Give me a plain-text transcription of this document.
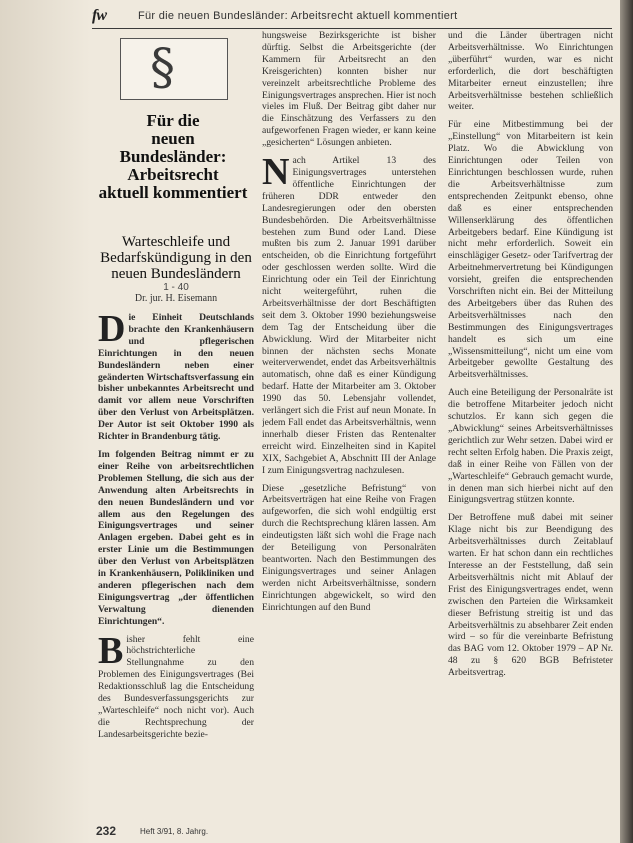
fw	Für die neuen Bundesländer: Arbeitsrecht aktuell kommentiert
§
Für die
neuen Bundesländer:
Arbeitsrecht
aktuell kommentiert
Warteschleife und
Bedarfskündigung in den
neuen Bundesländern
1 - 40
Dr. jur. H. Eisemann

Die Einheit Deutschlands brachte den Krankenhäusern und pflegerischen Einrichtungen in den neuen Bundesländern neben einer geänderten Wirtschaftsverfassung ein bisher unbekanntes Arbeitsrecht und damit vor allem neue Vorschriften über den Verlust von Arbeitsplätzen. Der Autor ist seit Oktober 1990 als Richter in Brandenburg tätig.

Im folgenden Beitrag nimmt er zu einer Reihe von arbeitsrechtlichen Problemen Stellung, die sich aus der Anwendung alten Arbeitsrechts in den neuen Bundesländern und vor allem aus den Regelungen des Einigungsvertrages und seiner Anlagen ergeben. Dabei geht es in erster Linie um die Bestimmungen über den Verlust von Arbeitsplätzen in Krankenhäusern, Polikliniken und anderen pflegerischen nach dem Einigungsvertrag „der öffentlichen Verwaltung dienenden Einrichtungen“.

Bisher fehlt eine höchstrichterliche Stellungnahme zu den Problemen des Einigungsvertrages (Bei Redaktionsschluß lag die Entscheidung des Bundesverfassungsgerichts zur „Warteschleife“ noch nicht vor). Auch die Rechtsprechung der Landesarbeitsgerichte bezie-

hungsweise Bezirksgerichte ist bisher dürftig. Selbst die Arbeitsgerichte (der Kammern für Arbeitsrecht an den Kreisgerichten) konnten bisher nur vereinzelt arbeitsrechtliche Probleme des Einigungsvertrages ansprechen. Hier ist noch vieles im Fluß. Der Beitrag gibt daher nur die Einschätzung des Verfassers zu den aufgeworfenen Fragen wieder, er kann keine „gesicherten“ Lösungen anbieten.

Nach Artikel 13 des Einigungsvertrages unterstehen öffentliche Einrichtungen der früheren DDR entweder den Landesregierungen oder den obersten Bundesbehörden. Die Arbeitsverhältnisse bestehen zum Bund oder Land. Diese mußten bis zum 2. Januar 1991 darüber entscheiden, ob die Einrichtung fortgeführt oder geschlossen werden sollte. Wird die Einrichtung oder ein Teil der Einrichtung nicht weitergeführt, ruhen die Arbeitsverhältnisse der dort Beschäftigten seit dem 3. Oktober 1990 beziehungsweise dem Tag der Entscheidung über die Abwicklung. Wird der Mitarbeiter nicht binnen der nächsten sechs Monate weiterverwendet, endet das Arbeitsverhältnis automatisch, ohne daß es einer Kündigung bedarf. Hatte der Mitarbeiter am 3. Oktober 1990 das 50. Lebensjahr vollendet, verlängert sich die Frist auf neun Monate. In jedem Fall endet das Arbeitsverhältnis, wenn innerhalb dieser Fristen das Rentenalter erreicht wird. Einzelheiten sind in Kapitel XIX, Sachgebiet A, Abschnitt III der Anlage I zum Einigungsvertrag nachzulesen.

Diese „gesetzliche Befristung“ von Arbeitsverträgen hat eine Reihe von Fragen aufgeworfen, die sich wohl endgültig erst durch die Rechtsprechung klären lassen. Am eindeutigsten läßt sich wohl die Frage nach der Beteiligung von Personalräten beantworten. Nach den Bestimmungen des Einigungsvertrages und seiner Anlagen werden nicht Arbeitsverhältnisse, sondern Einrichtungen abgewickelt, so wird den Einrichtungen auf den Bund

und die Länder übertragen nicht Arbeitsverhältnisse. Wo Einrichtungen „überführt“ wurden, war es nicht erforderlich, die dort beschäftigten Mitarbeiter erneut einzustellen; ihre Arbeitsverhältnisse bestehen schließlich weiter.

Für eine Mitbestimmung bei der „Einstellung“ von Mitarbeitern ist kein Platz. Wo die Abwicklung von Einrichtungen oder Teilen von Einrichtungen beschlossen wurde, ruhen die Arbeitsverhältnisse zum entsprechenden Zeitpunkt ebenso, ohne daß es einer entsprechenden Willenserklärung des öffentlichen Arbeitgebers bedarf. Eine Kündigung ist nicht mehr erforderlich. Soweit ein einschlägiger Gesetz- oder Tarifvertrag der Arbeitnehmervertretung bei Kündigungen vorsieht, greifen die entsprechenden Vorschriften nicht ein. Bei der Mitteilung des Arbeitgebers über das Ruhen des Arbeitsverhältnisses nach den Bestimmungen des Einigungsvertrages handelt es sich um eine „Wissensmitteilung“, nicht um eine vom Arbeitgeber gewollte Gestaltung des Arbeitsverhältnisses.

Auch eine Beteiligung der Personalräte ist die betroffene Mitarbeiter jedoch nicht schutzlos. Er kann sich gegen die „Abwicklung“ seines Arbeitsverhältnisses gerichtlich zur Wehr setzen. Dabei wird er recht selten Erfolg haben. Die Praxis zeigt, daß in einer Reihe von Fällen von der „Warteschleife“ Gebrauch gemacht wurde, in denen man sich hierbei nicht auf den Einigungsvertrag stützen konnte.

Der Betroffene muß dabei mit seiner Klage nicht bis zur Beendigung des Arbeitsverhältnisses durch Zeitablauf warten. Er hat schon dann ein rechtliches Interesse an der Feststellung, daß sein Arbeitsverhältnis nicht mit Ablauf der Frist des Einigungsvertrages endet, wenn zwischen den Parteien die Wirksamkeit dieser Befristung streitig ist und das Arbeitsverhältnis zu absehbarer Zeit enden wird – so für die vereinbarte Befristung das BAG vom 12. Oktober 1979 – AP Nr. 48 zu § 620 BGB Befristeter Arbeitsvertrag.

232	Heft 3/91, 8. Jahrg.
